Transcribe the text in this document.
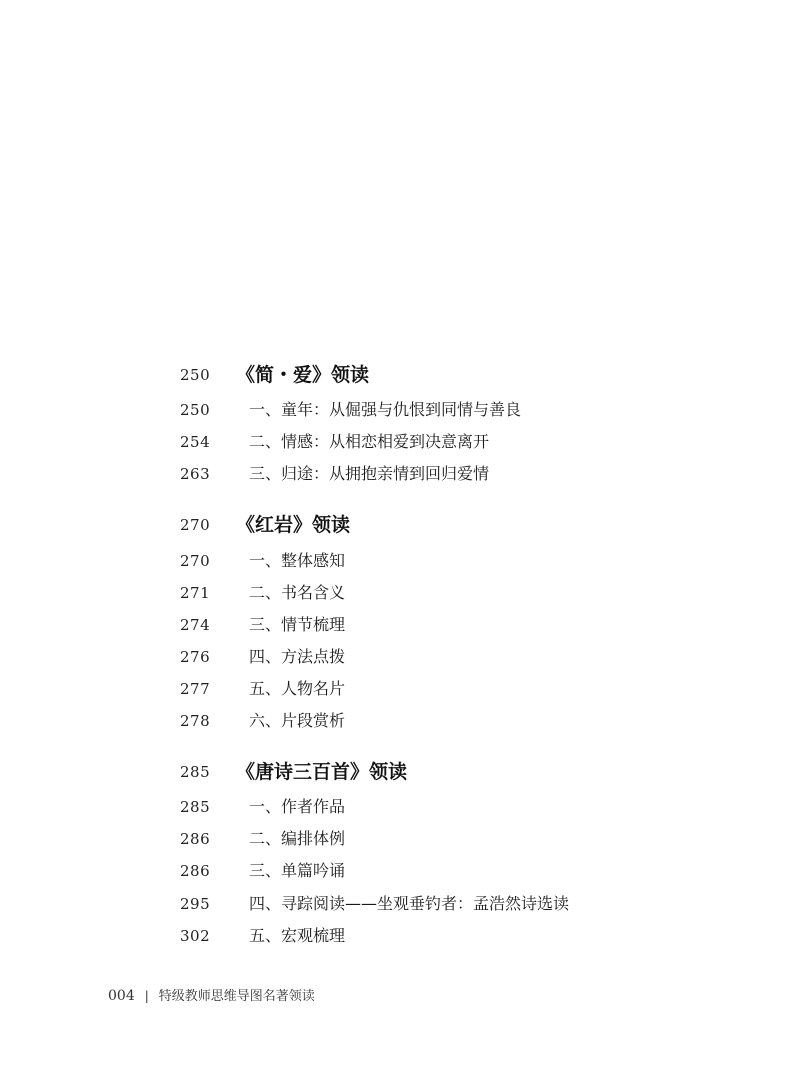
250 《简・爱》领读
250 一、童年：从倔强与仇恨到同情与善良
254 二、情感：从相恋相爱到决意离开
263 三、归途：从拥抱亲情到回归爱情
270 《红岩》领读
270 一、整体感知
271 二、书名含义
274 三、情节梳理
276 四、方法点拨
277 五、人物名片
278 六、片段赏析
285 《唐诗三百首》领读
285 一、作者作品
286 二、编排体例
286 三、单篇吟诵
295 四、寻踪阅读——坐观垂钓者：孟浩然诗选读
302 五、宏观梳理
004 | 特级教师思维导图名著领读
